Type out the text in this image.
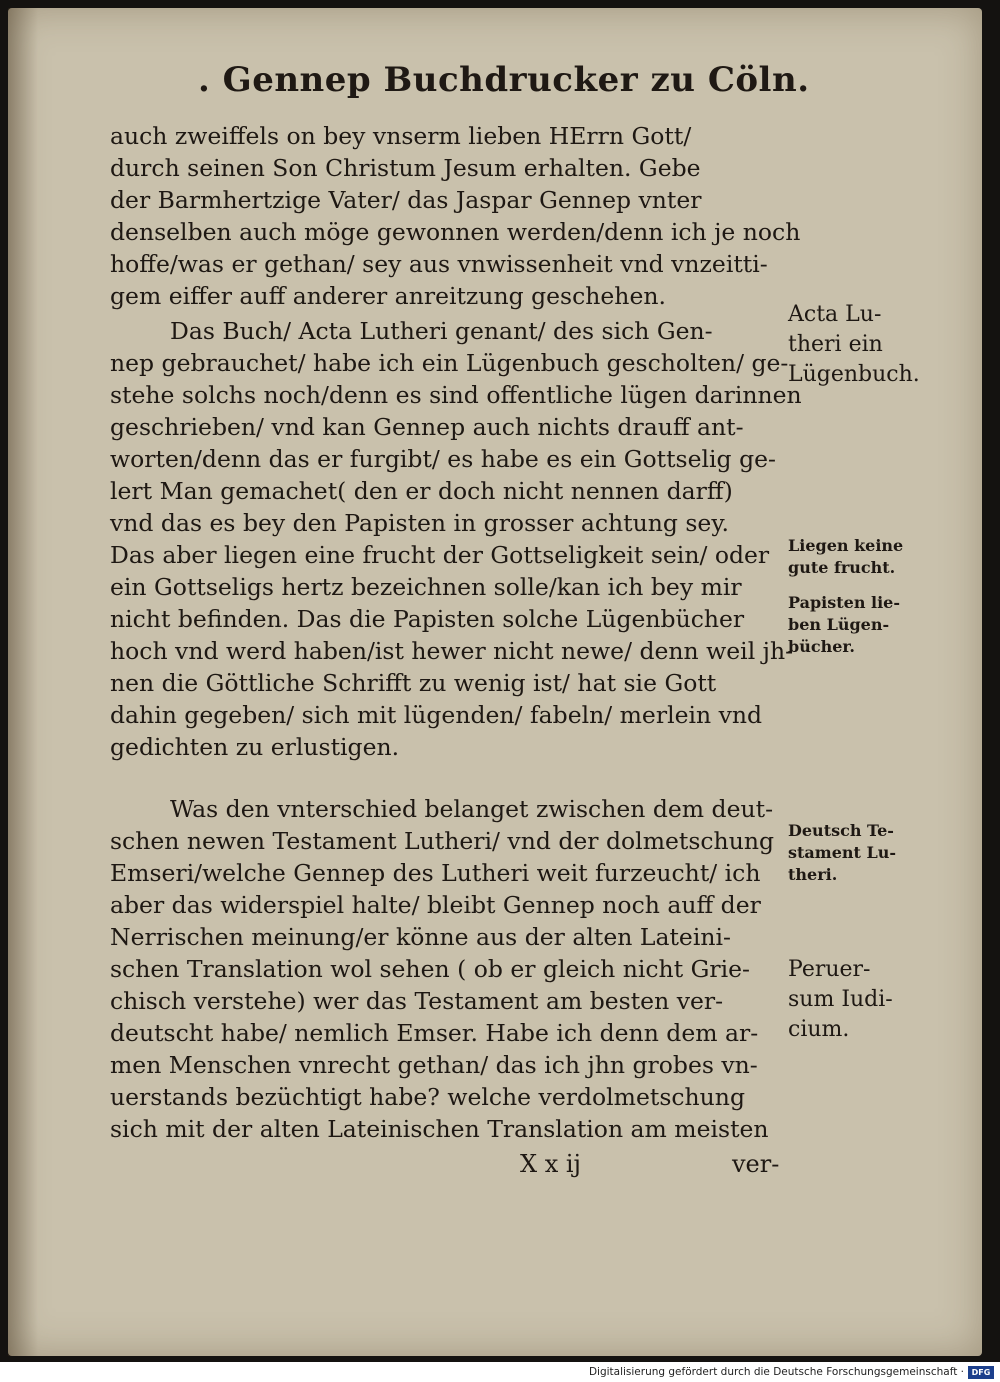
. Gennep Buchdrucker zu Cöln.
auch zweiffels on bey vnserm lieben HErrn Gott/
durch seinen Son Christum Jesum erhalten. Gebe
der Barmhertzige Vater/ das Jaspar Gennep vnter
denselben auch möge gewonnen werden/denn ich je noch
hoffe/was er gethan/ sey aus vnwissenheit vnd vnzeitti-
gem eiffer auff anderer anreitzung geschehen.
Das Buch/ Acta Lutheri genant/ des sich Gen-
nep gebrauchet/ habe ich ein Lügenbuch gescholten/ ge-
stehe solchs noch/denn es sind offentliche lügen darinnen
geschrieben/ vnd kan Gennep auch nichts drauff ant-
worten/denn das er furgibt/ es habe es ein Gottselig ge-
lert Man gemachet( den er doch nicht nennen darff)
vnd das es bey den Papisten in grosser achtung sey.
Das aber liegen eine frucht der Gottseligkeit sein/ oder
ein Gottseligs hertz bezeichnen solle/kan ich bey mir
nicht befinden. Das die Papisten solche Lügenbücher
hoch vnd werd haben/ist hewer nicht newe/ denn weil jh-
nen die Göttliche Schrifft zu wenig ist/ hat sie Gott
dahin gegeben/ sich mit lügenden/ fabeln/ merlein vnd
gedichten zu erlustigen.
Was den vnterschied belanget zwischen dem deut-
schen newen Testament Lutheri/ vnd der dolmetschung
Emseri/welche Gennep des Lutheri weit furzeucht/ ich
aber das widerspiel halte/ bleibt Gennep noch auff der
Nerrischen meinung/er könne aus der alten Lateini-
schen Translation wol sehen ( ob er gleich nicht Grie-
chisch verstehe) wer das Testament am besten ver-
deutscht habe/ nemlich Emser. Habe ich denn dem ar-
men Menschen vnrecht gethan/ das ich jhn grobes vn-
uerstands bezüchtigt habe? welche verdolmetschung
sich mit der alten Lateinischen Translation am meisten
Acta Lu-
theri ein
Lügenbuch.
Liegen keine
gute frucht.
Papisten lie-
ben Lügen-
bücher.
Deutsch Te-
stament Lu-
theri.
Peruer-
sum Iudi-
cium.
X x ij	ver-
Digitalisierung gefördert durch die Deutsche Forschungsgemeinschaft · DFG
